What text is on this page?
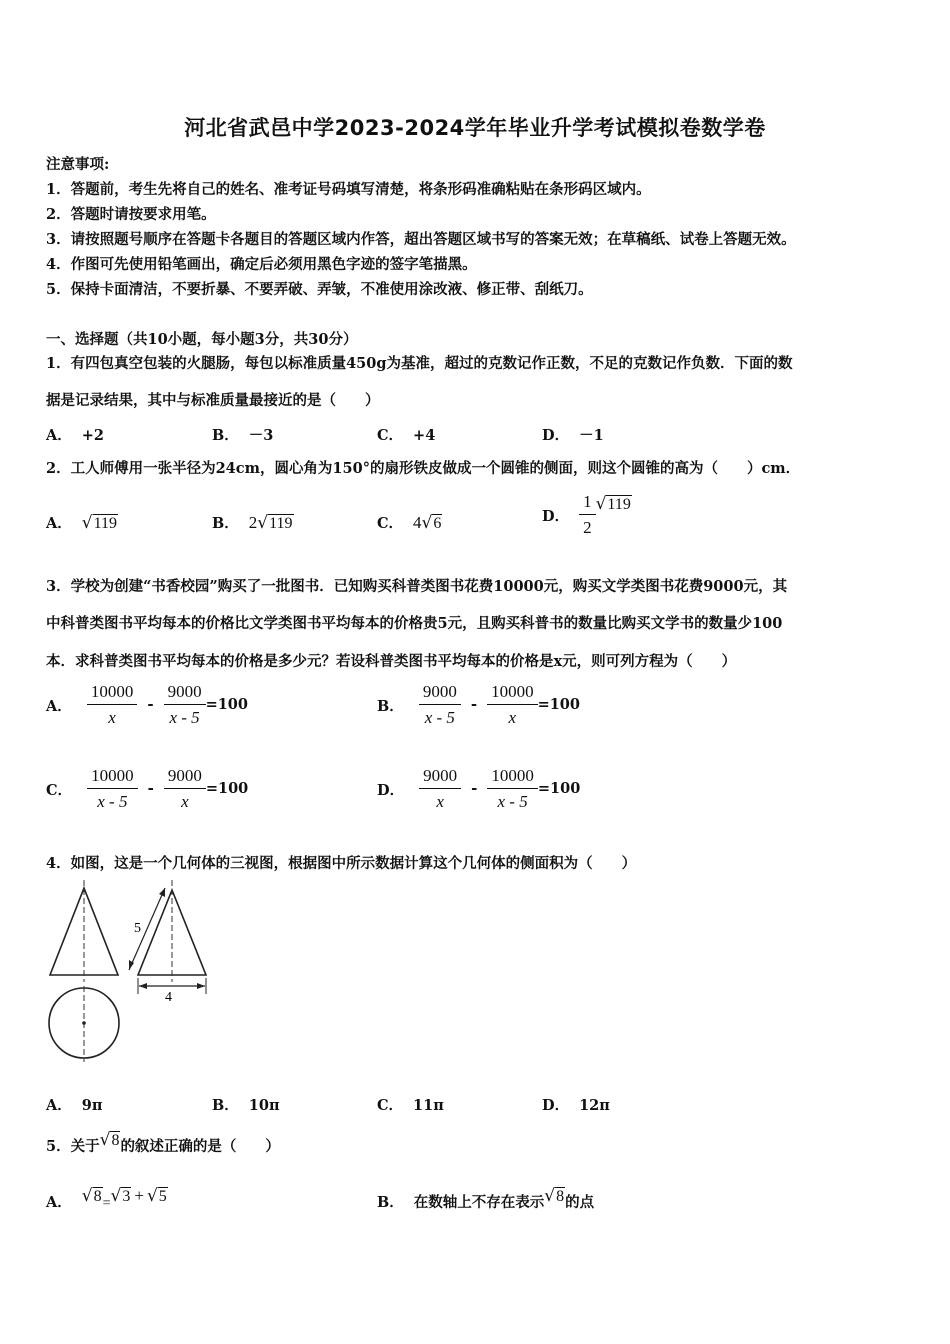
河北省武邑中学2023-2024学年毕业升学考试模拟卷数学卷
注意事项:
1．答题前，考生先将自己的姓名、准考证号码填写清楚，将条形码准确粘贴在条形码区域内。
2．答题时请按要求用笔。
3．请按照题号顺序在答题卡各题目的答题区域内作答，超出答题区域书写的答案无效；在草稿纸、试卷上答题无效。
4．作图可先使用铅笔画出，确定后必须用黑色字迹的签字笔描黑。
5．保持卡面清洁，不要折暴、不要弄破、弄皱，不准使用涂改液、修正带、刮纸刀。
一、选择题（共10小题，每小题3分，共30分）
1．有四包真空包装的火腿肠，每包以标准质量450g为基准，超过的克数记作正数，不足的克数记作负数．下面的数
据是记录结果，其中与标准质量最接近的是（　　）
A． +2	B． －3	C． +4	D． －1
2．工人师傅用一张半径为24cm，圆心角为150°的扇形铁皮做成一个圆锥的侧面，则这个圆锥的高为（　　）cm．
A． √119	B． 2√119	C． 4√6	D． $\frac{1}{2} √119$
3．学校为创建“书香校园”购买了一批图书．已知购买科普类图书花费10000元，购买文学类图书花费9000元，其
中科普类图书平均每本的价格比文学类图书平均每本的价格贵5元，且购买科普书的数量比购买文学书的数量少100
本．求科普类图书平均每本的价格是多少元？若设科普类图书平均每本的价格是x元，则可列方程为（　　）
A． $\frac{10000}{x} - \frac{9000}{x - 5} =100$	B． $\frac{9000}{x - 5} - \frac{10000}{x} =100$
C． $\frac{10000}{x - 5} - \frac{9000}{x} =100$	D． $\frac{9000}{x} - \frac{10000}{x - 5} =100$
4．如图，这是一个几何体的三视图，根据图中所示数据计算这个几何体的侧面积为（　　）
5
4
A． 9π	B． 10π	C． 11π	D． 12π
5．关于√8的叙述正确的是（　　）
A． √8=√3 + √5	B． 在数轴上不存在表示√8的点
